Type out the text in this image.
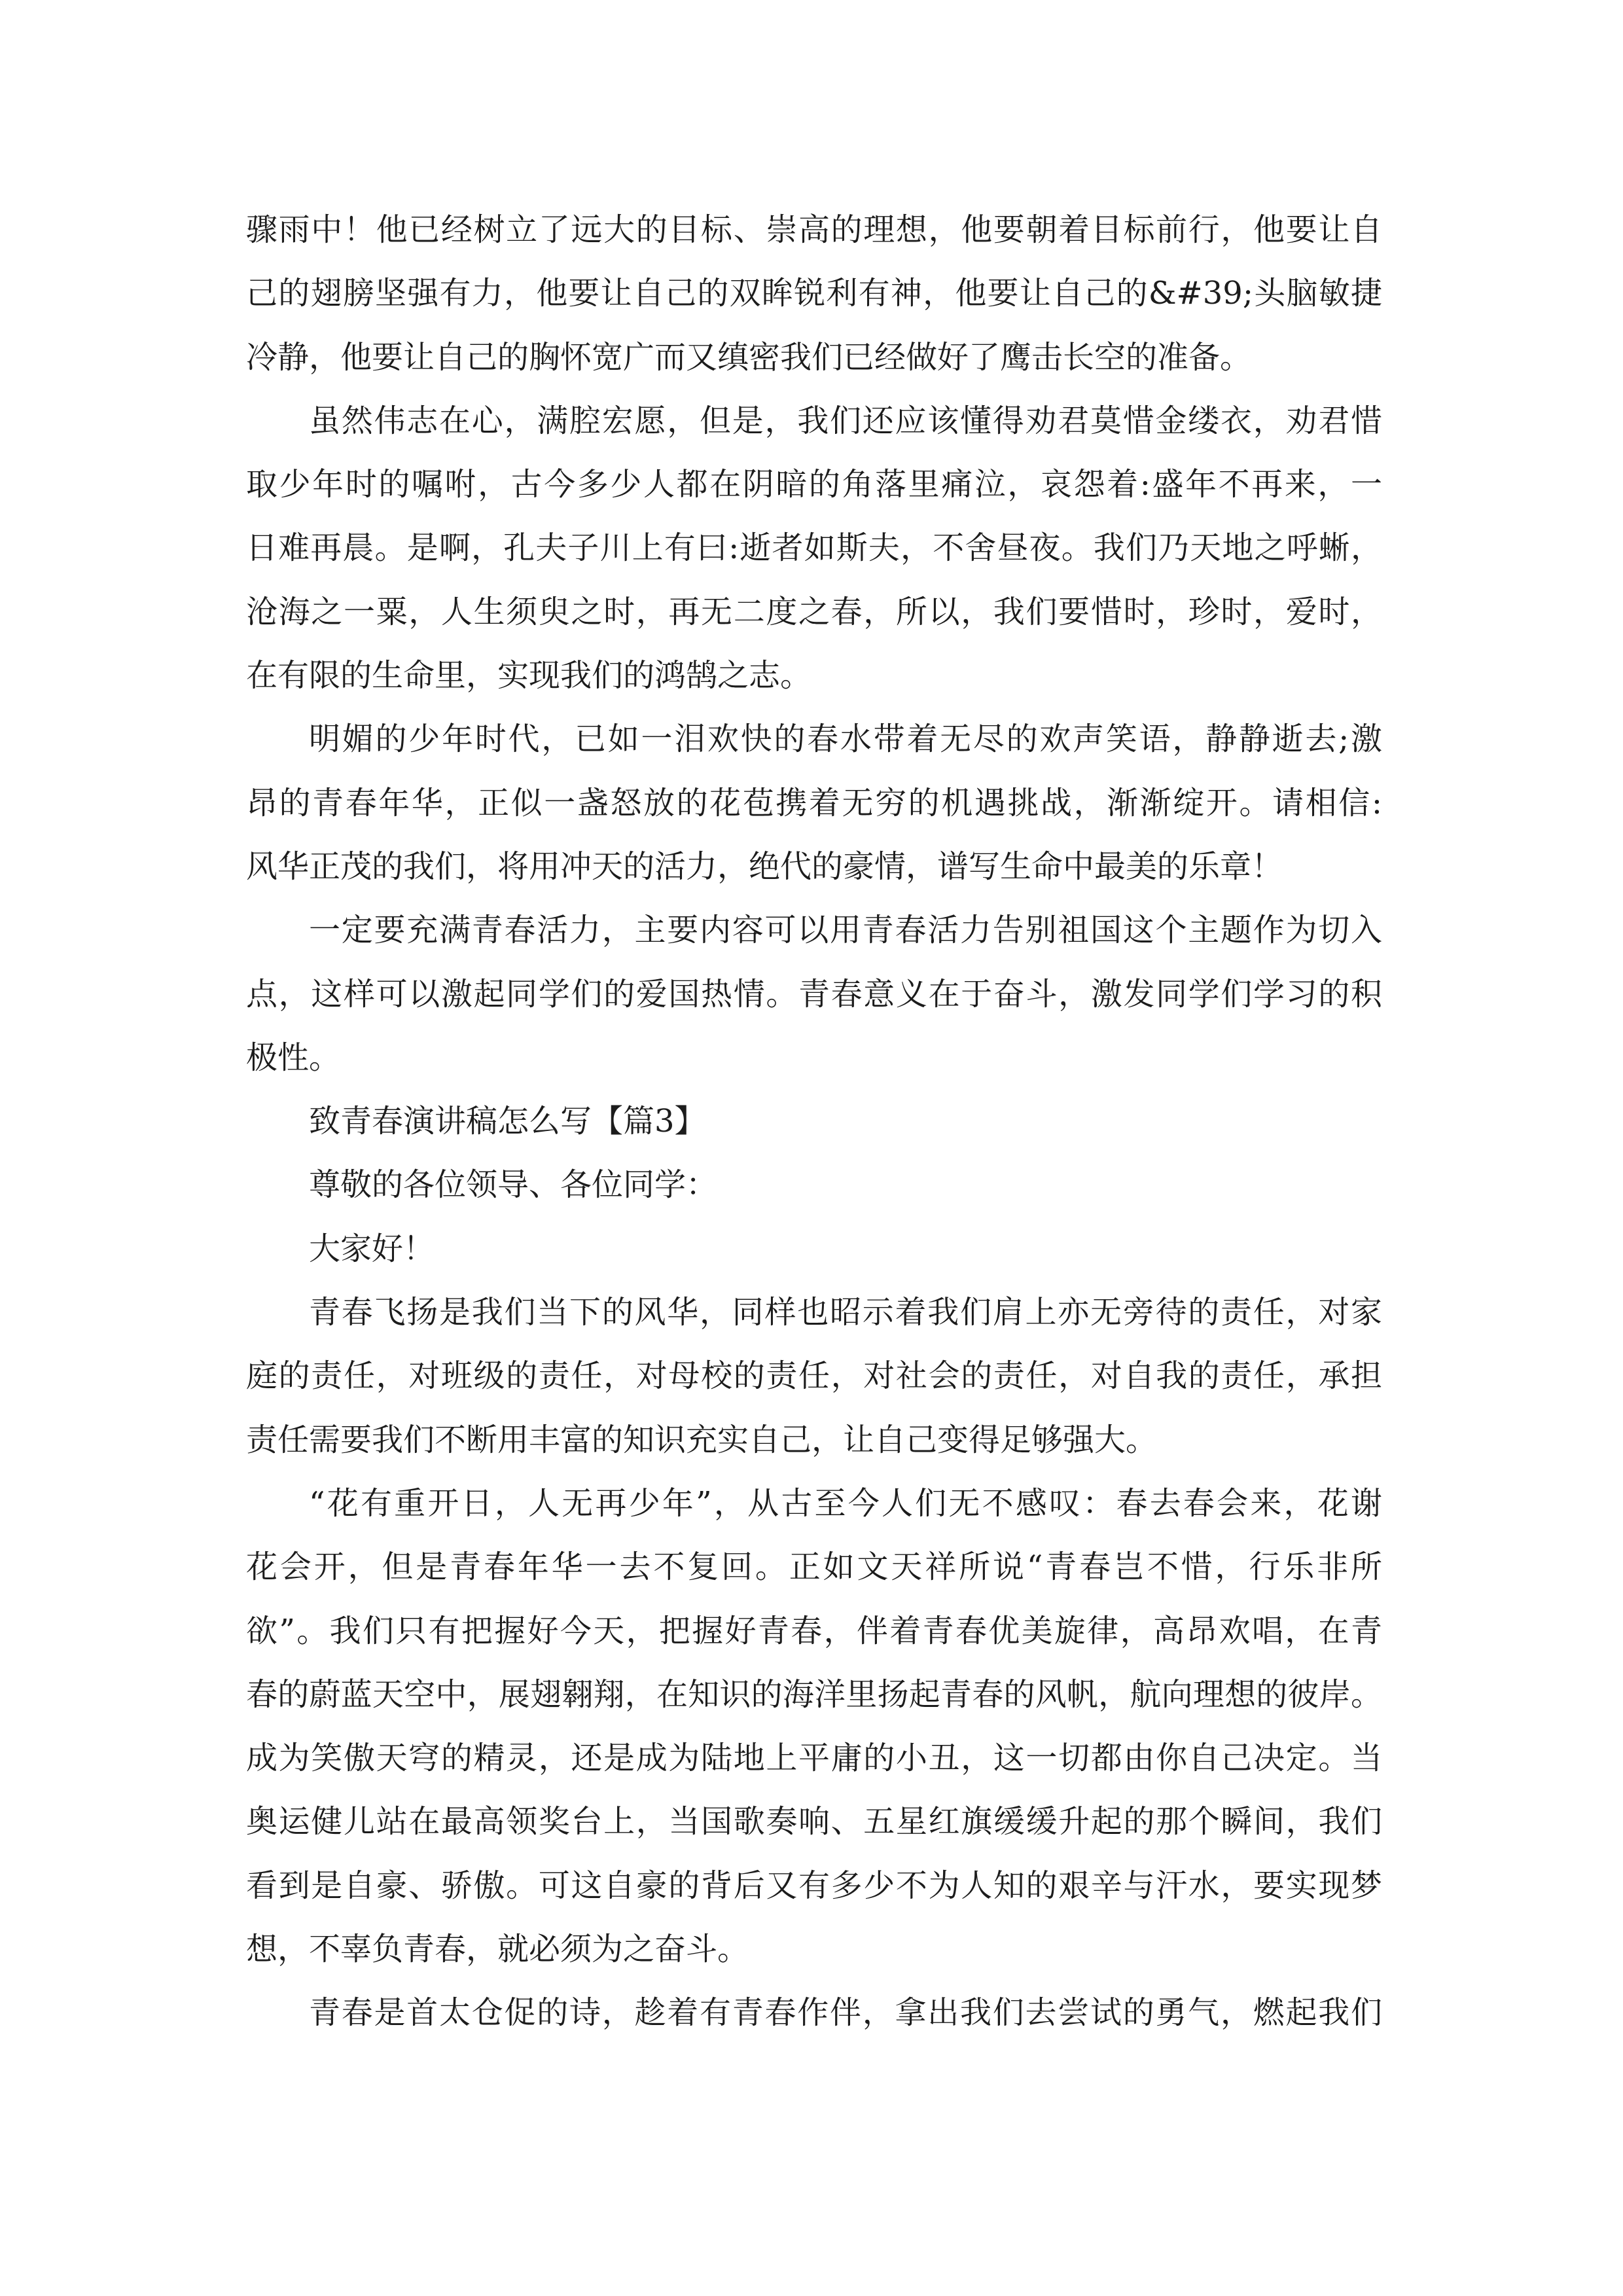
骤雨中！他已经树立了远大的目标、崇高的理想，他要朝着目标前行，他要让自
己的翅膀坚强有力，他要让自己的双眸锐利有神，他要让自己的&#39;头脑敏捷
冷静，他要让自己的胸怀宽广而又缜密我们已经做好了鹰击长空的准备。
虽然伟志在心，满腔宏愿，但是，我们还应该懂得劝君莫惜金缕衣，劝君惜
取少年时的嘱咐，古今多少人都在阴暗的角落里痛泣，哀怨着:盛年不再来，一
日难再晨。是啊，孔夫子川上有曰:逝者如斯夫，不舍昼夜。我们乃天地之呼蜥，
沧海之一粟，人生须臾之时，再无二度之春，所以，我们要惜时，珍时，爱时，
在有限的生命里，实现我们的鸿鹄之志。
明媚的少年时代，已如一泪欢快的春水带着无尽的欢声笑语，静静逝去;激
昂的青春年华，正似一盏怒放的花苞携着无穷的机遇挑战，渐渐绽开。请相信:
风华正茂的我们，将用冲天的活力，绝代的豪情，谱写生命中最美的乐章！
一定要充满青春活力，主要内容可以用青春活力告别祖国这个主题作为切入
点，这样可以激起同学们的爱国热情。青春意义在于奋斗，激发同学们学习的积
极性。
致青春演讲稿怎么写【篇3】
尊敬的各位领导、各位同学：
大家好！
青春飞扬是我们当下的风华，同样也昭示着我们肩上亦无旁待的责任，对家
庭的责任，对班级的责任，对母校的责任，对社会的责任，对自我的责任，承担
责任需要我们不断用丰富的知识充实自己，让自己变得足够强大。
“花有重开日，人无再少年”，从古至今人们无不感叹：春去春会来，花谢
花会开，但是青春年华一去不复回。正如文天祥所说“青春岂不惜，行乐非所
欲”。我们只有把握好今天，把握好青春，伴着青春优美旋律，高昂欢唱，在青
春的蔚蓝天空中，展翅翱翔，在知识的海洋里扬起青春的风帆，航向理想的彼岸。
成为笑傲天穹的精灵，还是成为陆地上平庸的小丑，这一切都由你自己决定。当
奥运健儿站在最高领奖台上，当国歌奏响、五星红旗缓缓升起的那个瞬间，我们
看到是自豪、骄傲。可这自豪的背后又有多少不为人知的艰辛与汗水，要实现梦
想，不辜负青春，就必须为之奋斗。
青春是首太仓促的诗，趁着有青春作伴，拿出我们去尝试的勇气，燃起我们
